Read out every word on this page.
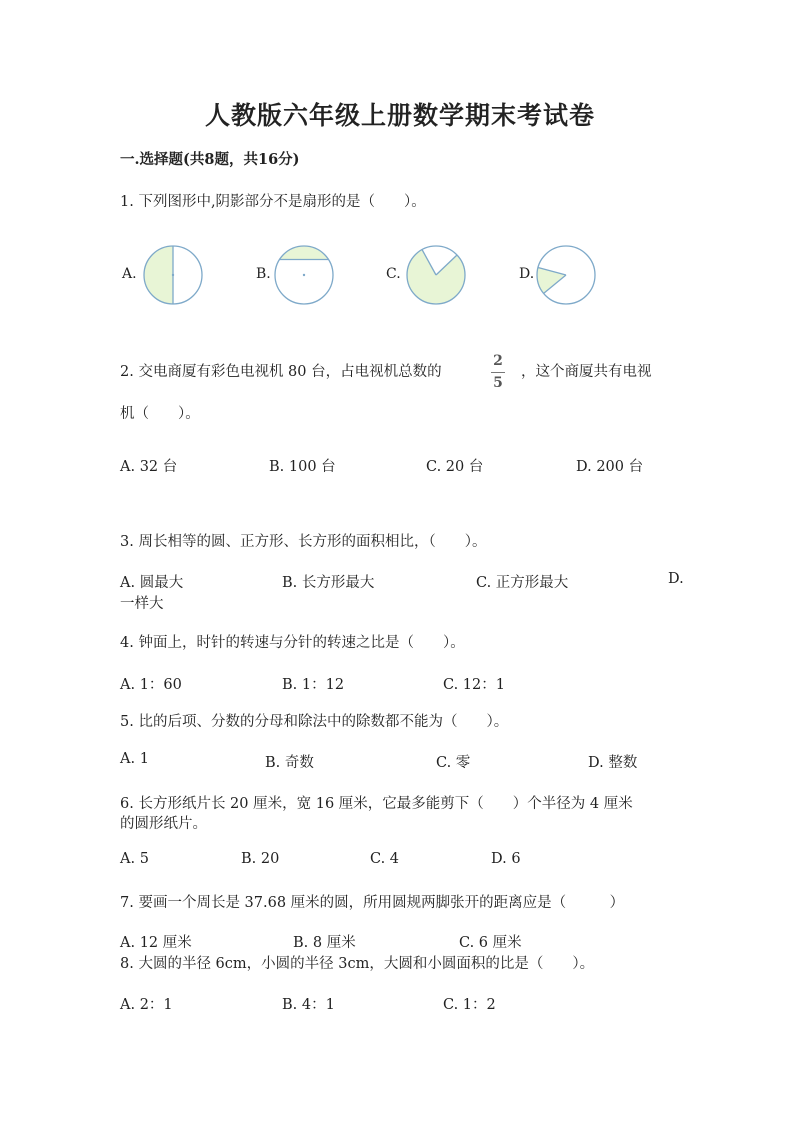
人教版六年级上册数学期末考试卷
一.选择题(共8题，共16分)
1. 下列图形中,阴影部分不是扇形的是（　　）。
A.	B.	C.	D.
2. 交电商厦有彩色电视机 80 台，占电视机总数的
2
5
，这个商厦共有电视
机（　　）。
A. 32 台	B. 100 台	C. 20 台	D. 200 台
3. 周长相等的圆、正方形、长方形的面积相比，（　　）。
A. 圆最大	B. 长方形最大	C. 正方形最大	D.
一样大
4. 钟面上，时针的转速与分针的转速之比是（　　）。
A. 1：60	B. 1：12	C. 12：1
5. 比的后项、分数的分母和除法中的除数都不能为（　　）。
A. 1	B. 奇数	C. 零	D. 整数
6. 长方形纸片长 20 厘米，宽 16 厘米，它最多能剪下（　　）个半径为 4 厘米
的圆形纸片。
A. 5	B. 20	C. 4	D. 6
7. 要画一个周长是 37.68 厘米的圆，所用圆规两脚张开的距离应是（　　　）
A. 12 厘米	B. 8 厘米	C. 6 厘米
8. 大圆的半径 6cm，小圆的半径 3cm，大圆和小圆面积的比是（　　）。
A. 2：1	B. 4：1	C. 1：2
